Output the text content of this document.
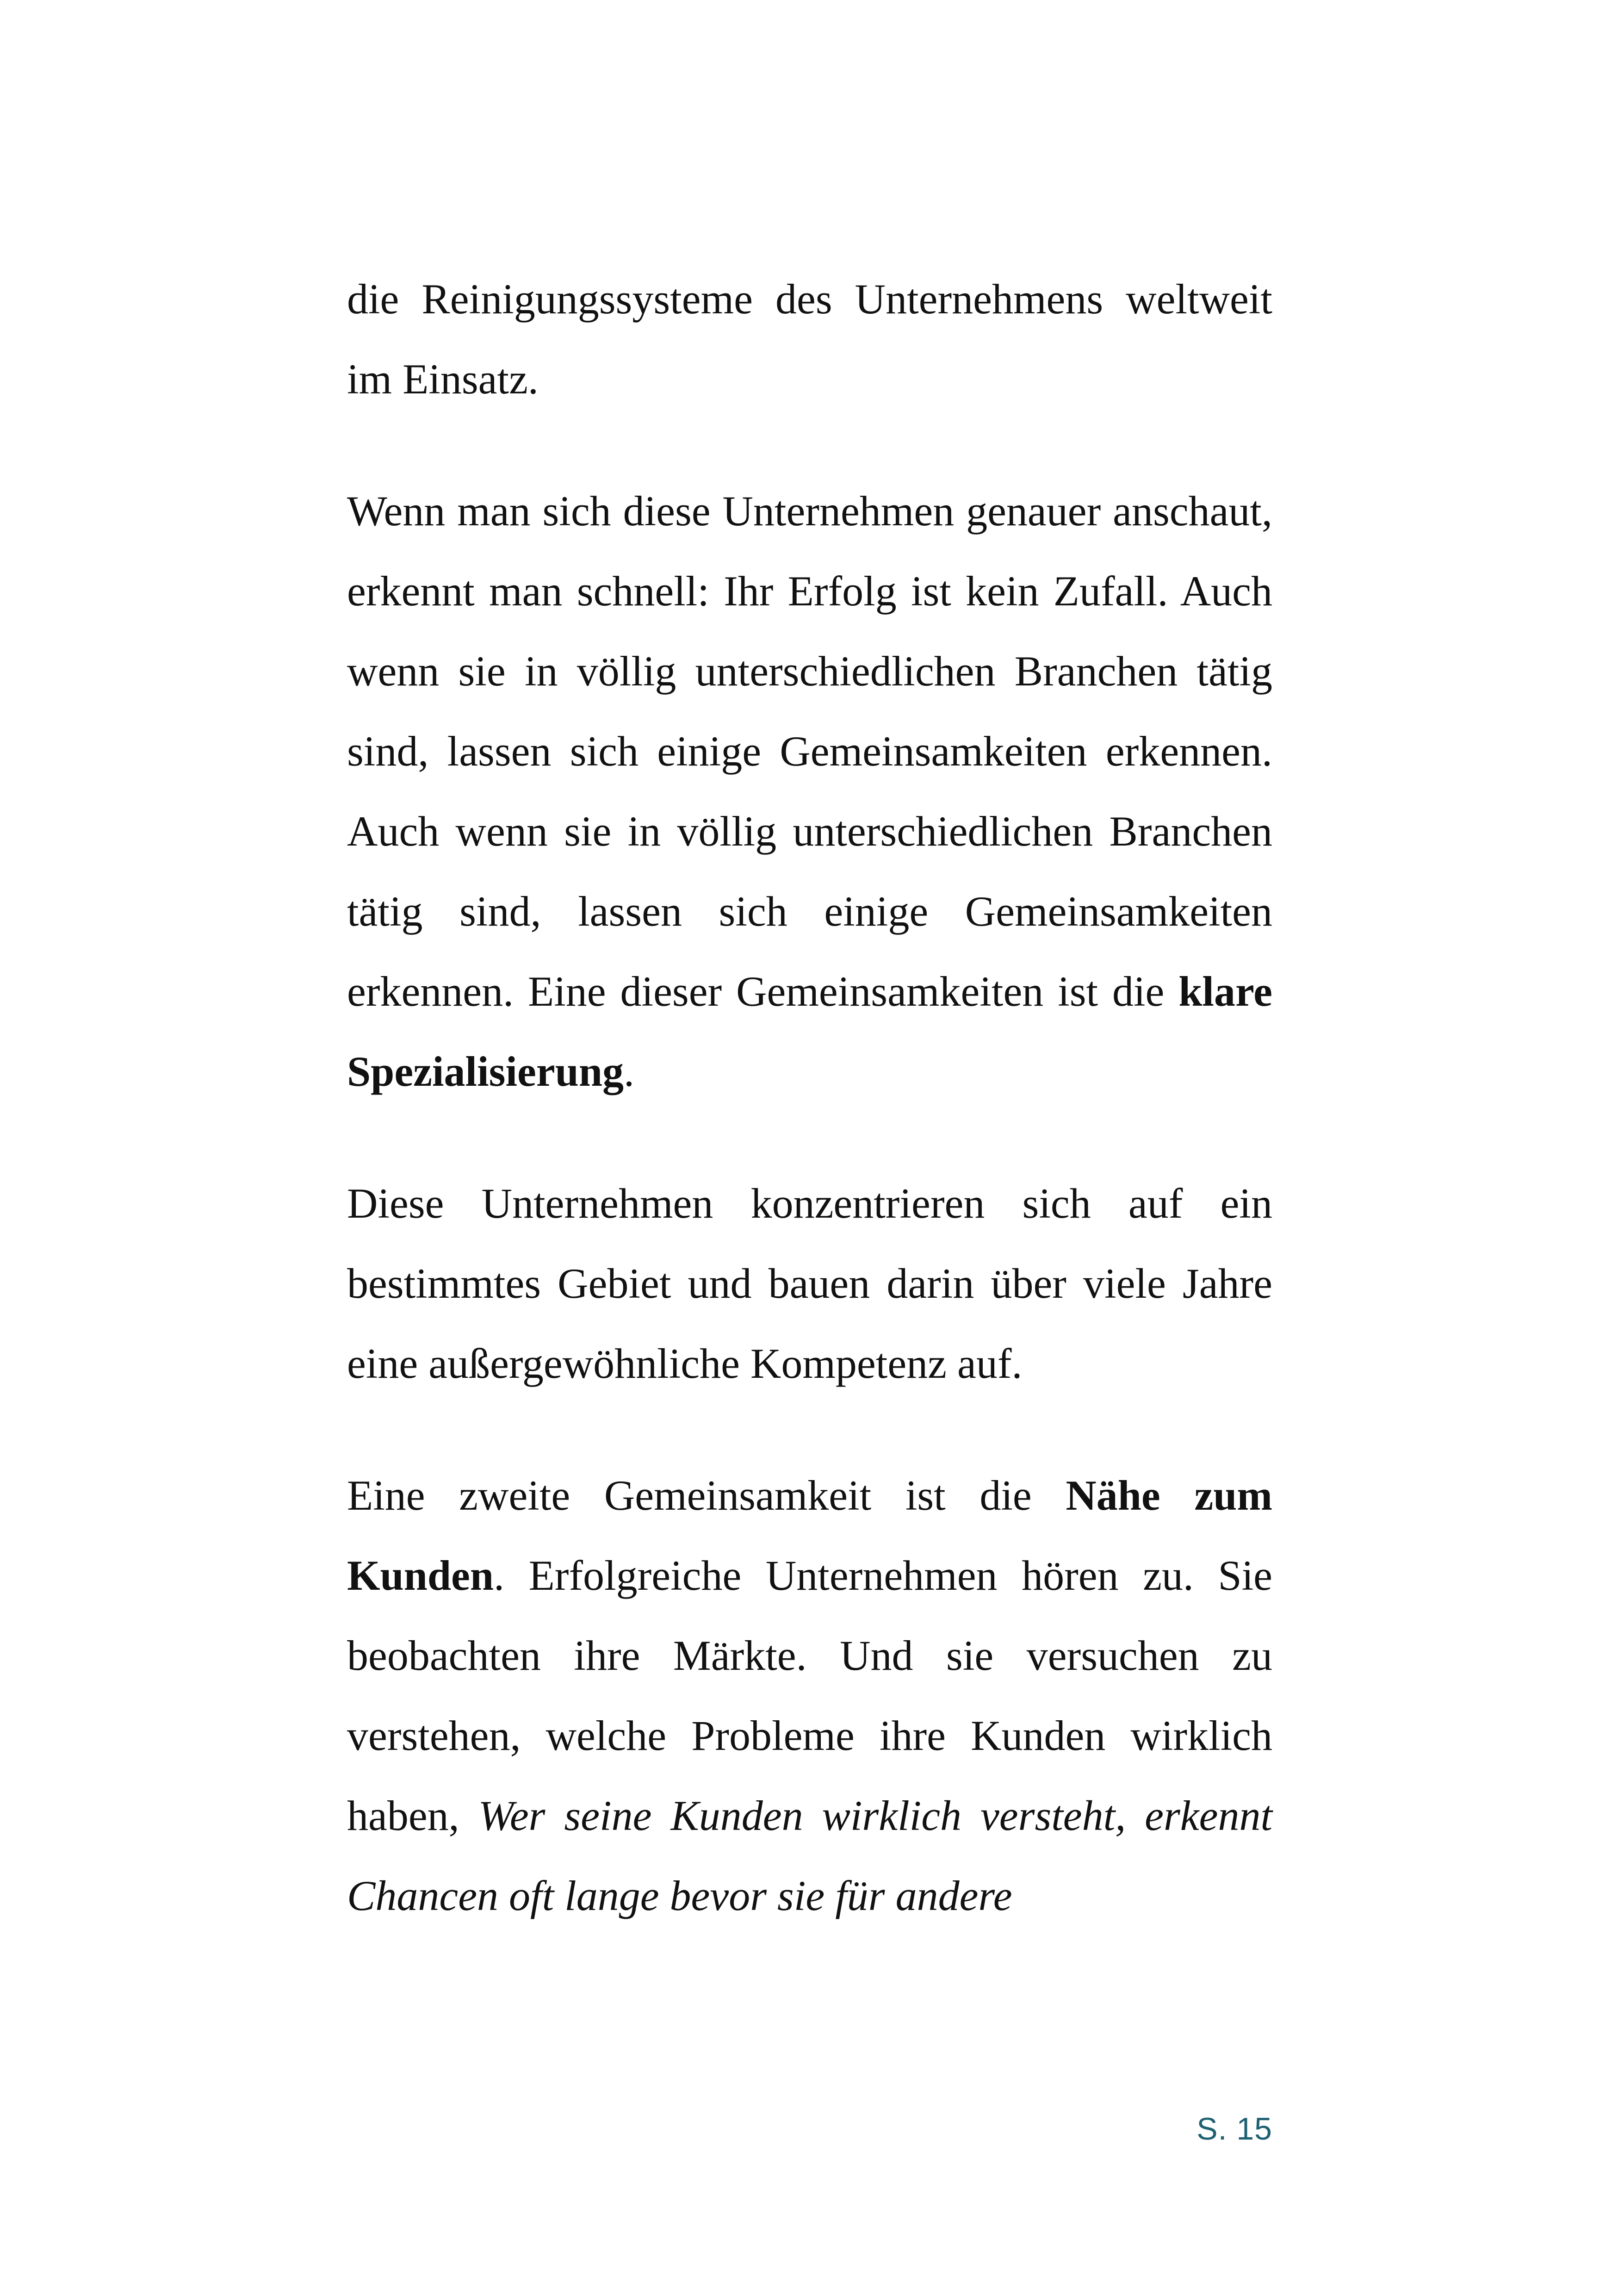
die Reinigungssysteme des Unternehmens weltweit im Einsatz.

Wenn man sich diese Unternehmen genauer anschaut, erkennt man schnell: Ihr Erfolg ist kein Zufall. Auch wenn sie in völlig unterschiedlichen Branchen tätig sind, lassen sich einige Gemeinsamkeiten erkennen. Auch wenn sie in völlig unterschiedlichen Branchen tätig sind, lassen sich einige Gemeinsamkeiten erkennen. Eine dieser Gemeinsamkeiten ist die klare Spezialisierung.

Diese Unternehmen konzentrieren sich auf ein bestimmtes Gebiet und bauen darin über viele Jahre eine außergewöhnliche Kompetenz auf.

Eine zweite Gemeinsamkeit ist die Nähe zum Kunden. Erfolgreiche Unternehmen hören zu. Sie beobachten ihre Märkte. Und sie versuchen zu verstehen, welche Probleme ihre Kunden wirklich haben, Wer seine Kunden wirklich versteht, erkennt Chancen oft lange bevor sie für andere

S. 15
